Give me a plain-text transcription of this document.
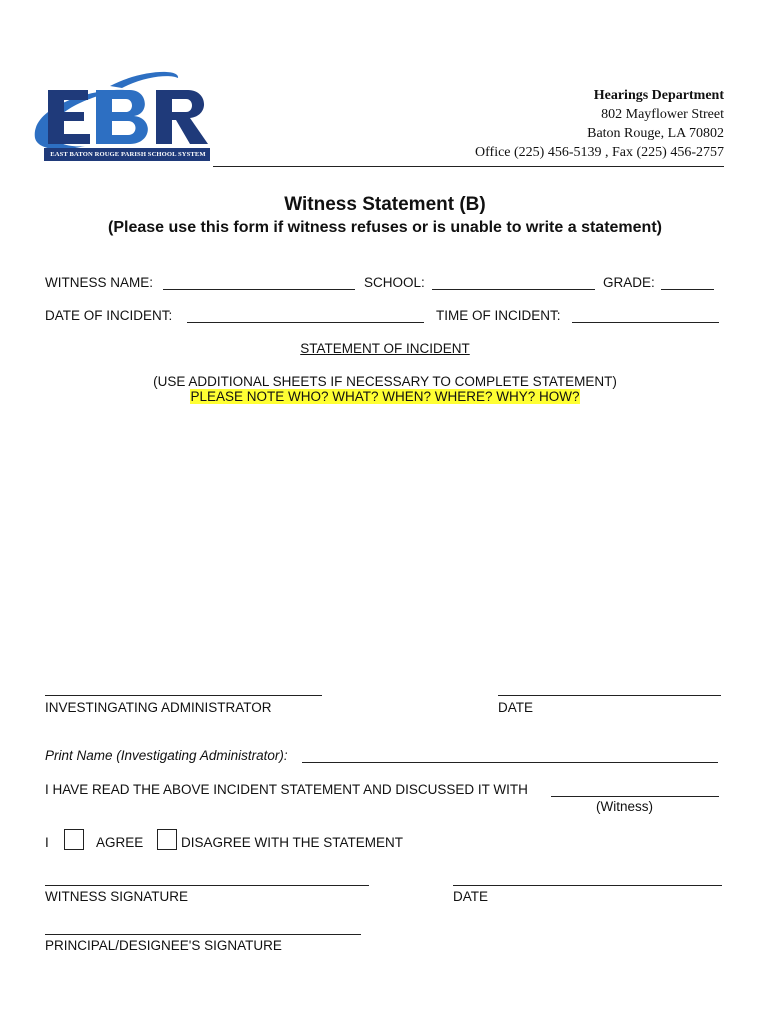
EAST BATON ROUGE PARISH SCHOOL SYSTEM
Hearings Department
802 Mayflower Street
Baton Rouge, LA 70802
Office (225) 456-5139 , Fax (225) 456-2757
Witness Statement (B)
(Please use this form if witness refuses or is unable to write a statement)
WITNESS NAME:	SCHOOL:	GRADE:
DATE OF INCIDENT:	TIME OF INCIDENT:
STATEMENT OF INCIDENT
(USE ADDITIONAL SHEETS IF NECESSARY TO COMPLETE STATEMENT)
PLEASE NOTE WHO? WHAT? WHEN? WHERE? WHY? HOW?
INVESTINGATING ADMINISTRATOR	DATE
Print Name (Investigating Administrator):
I HAVE READ THE ABOVE INCIDENT STATEMENT AND DISCUSSED IT WITH
(Witness)
I	AGREE	DISAGREE WITH THE STATEMENT
WITNESS SIGNATURE	DATE
PRINCIPAL/DESIGNEE'S SIGNATURE
